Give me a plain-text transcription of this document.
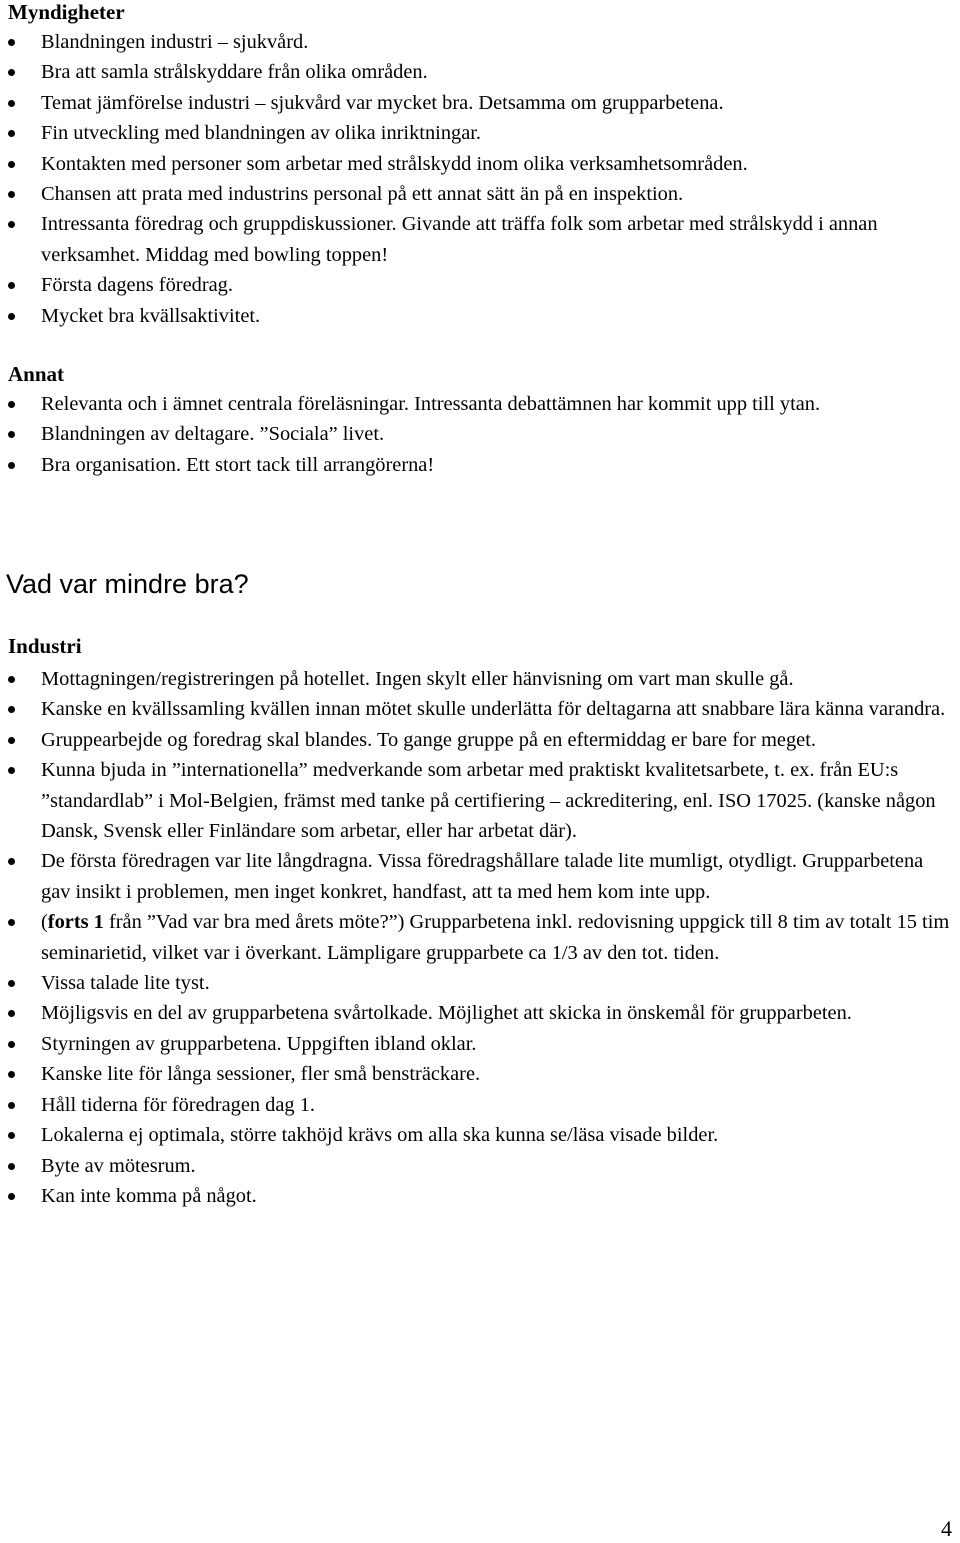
Myndigheter
Blandningen industri – sjukvård.
Bra att samla strålskyddare från olika områden.
Temat jämförelse industri – sjukvård var mycket bra. Detsamma om grupparbetena.
Fin utveckling med blandningen av olika inriktningar.
Kontakten med personer som arbetar med strålskydd inom olika verksamhetsområden.
Chansen att prata med industrins personal på ett annat sätt än på en inspektion.
Intressanta föredrag och gruppdiskussioner. Givande att träffa folk som arbetar med strålskydd i annan verksamhet. Middag med bowling toppen!
Första dagens föredrag.
Mycket bra kvällsaktivitet.
Annat
Relevanta och i ämnet centrala föreläsningar. Intressanta debattämnen har kommit upp till ytan.
Blandningen av deltagare. ”Sociala” livet.
Bra organisation. Ett stort tack till arrangörerna!
Vad var mindre bra?
Industri
Mottagningen/registreringen på hotellet. Ingen skylt eller hänvisning om vart man skulle gå.
Kanske en kvällssamling kvällen innan mötet skulle underlätta för deltagarna att snabbare lära känna varandra.
Gruppearbejde og foredrag skal blandes. To gange gruppe på en eftermiddag er bare for meget.
Kunna bjuda in ”internationella” medverkande som arbetar med praktiskt kvalitetsarbete, t. ex. från EU:s ”standardlab” i Mol-Belgien, främst med tanke på certifiering – ackreditering, enl. ISO 17025. (kanske någon Dansk, Svensk eller Finländare som arbetar, eller har arbetat där).
De första föredragen var lite långdragna. Vissa föredragshållare talade lite mumligt, otydligt. Grupparbetena gav insikt i problemen, men inget konkret, handfast, att ta med hem kom inte upp.
(forts 1 från ”Vad var bra med årets möte?”) Grupparbetena inkl. redovisning uppgick till 8 tim av totalt 15 tim seminarietid, vilket var i överkant. Lämpligare grupparbete ca 1/3 av den tot. tiden.
Vissa talade lite tyst.
Möjligsvis en del av grupparbetena svårtolkade. Möjlighet att skicka in önskemål för grupparbeten.
Styrningen av grupparbetena. Uppgiften ibland oklar.
Kanske lite för långa sessioner, fler små bensträckare.
Håll tiderna för föredragen dag 1.
Lokalerna ej optimala, större takhöjd krävs om alla ska kunna se/läsa visade bilder.
Byte av mötesrum.
Kan inte komma på något.
4
